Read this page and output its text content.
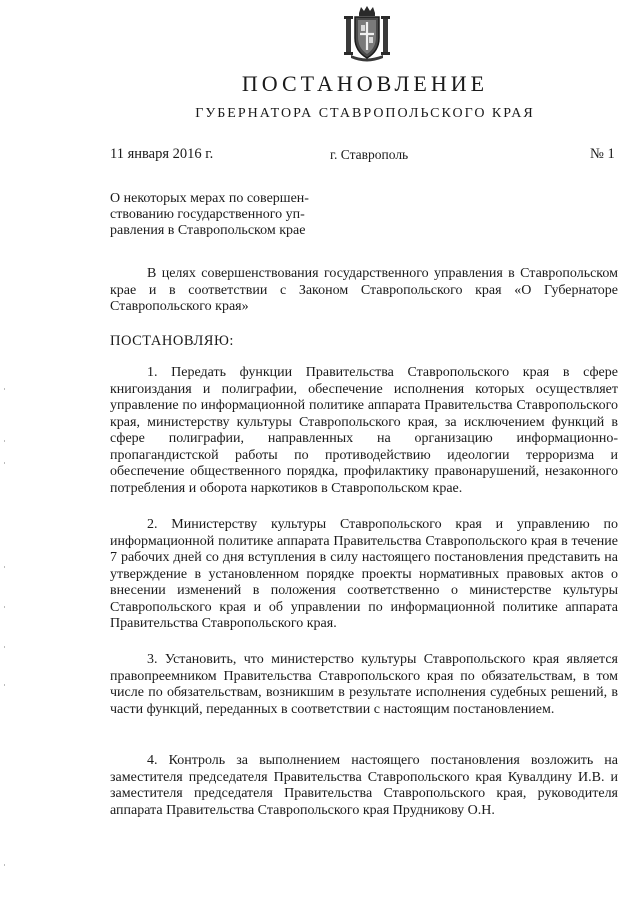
ПОСТАНОВЛЕНИЕ
ГУБЕРНАТОРА СТАВРОПОЛЬСКОГО КРАЯ
11 января 2016 г.	г. Ставрополь	№ 1
О некоторых мерах по совершен-
ствованию государственного уп-
равления в Ставропольском крае

В целях совершенствования государственного управления в Ставропольском крае и в соответствии с Законом Ставропольского края «О Губернаторе Ставропольского края»

ПОСТАНОВЛЯЮ:

1. Передать функции Правительства Ставропольского края в сфере книгоиздания и полиграфии, обеспечение исполнения которых осуществляет управление по информационной политике аппарата Правительства Ставропольского края, министерству культуры Ставропольского края, за исключением функций в сфере полиграфии, направленных на организацию информационно-пропагандистской работы по противодействию идеологии терроризма и обеспечение общественного порядка, профилактику правонарушений, незаконного потребления и оборота наркотиков в Ставропольском крае.

2. Министерству культуры Ставропольского края и управлению по информационной политике аппарата Правительства Ставропольского края в течение 7 рабочих дней со дня вступления в силу настоящего постановления представить на утверждение в установленном порядке проекты нормативных правовых актов о внесении изменений в положения соответственно о министерстве культуры Ставропольского края и об управлении по информационной политике аппарата Правительства Ставропольского края.

3. Установить, что министерство культуры Ставропольского края является правопреемником Правительства Ставропольского края по обязательствам, в том числе по обязательствам, возникшим в результате исполнения судебных решений, в части функций, переданных в соответствии с настоящим постановлением.

4. Контроль за выполнением настоящего постановления возложить на заместителя председателя Правительства Ставропольского края Кувалдину И.В. и заместителя председателя Правительства Ставропольского края, руководителя аппарата Правительства Ставропольского края Прудникову О.Н.
